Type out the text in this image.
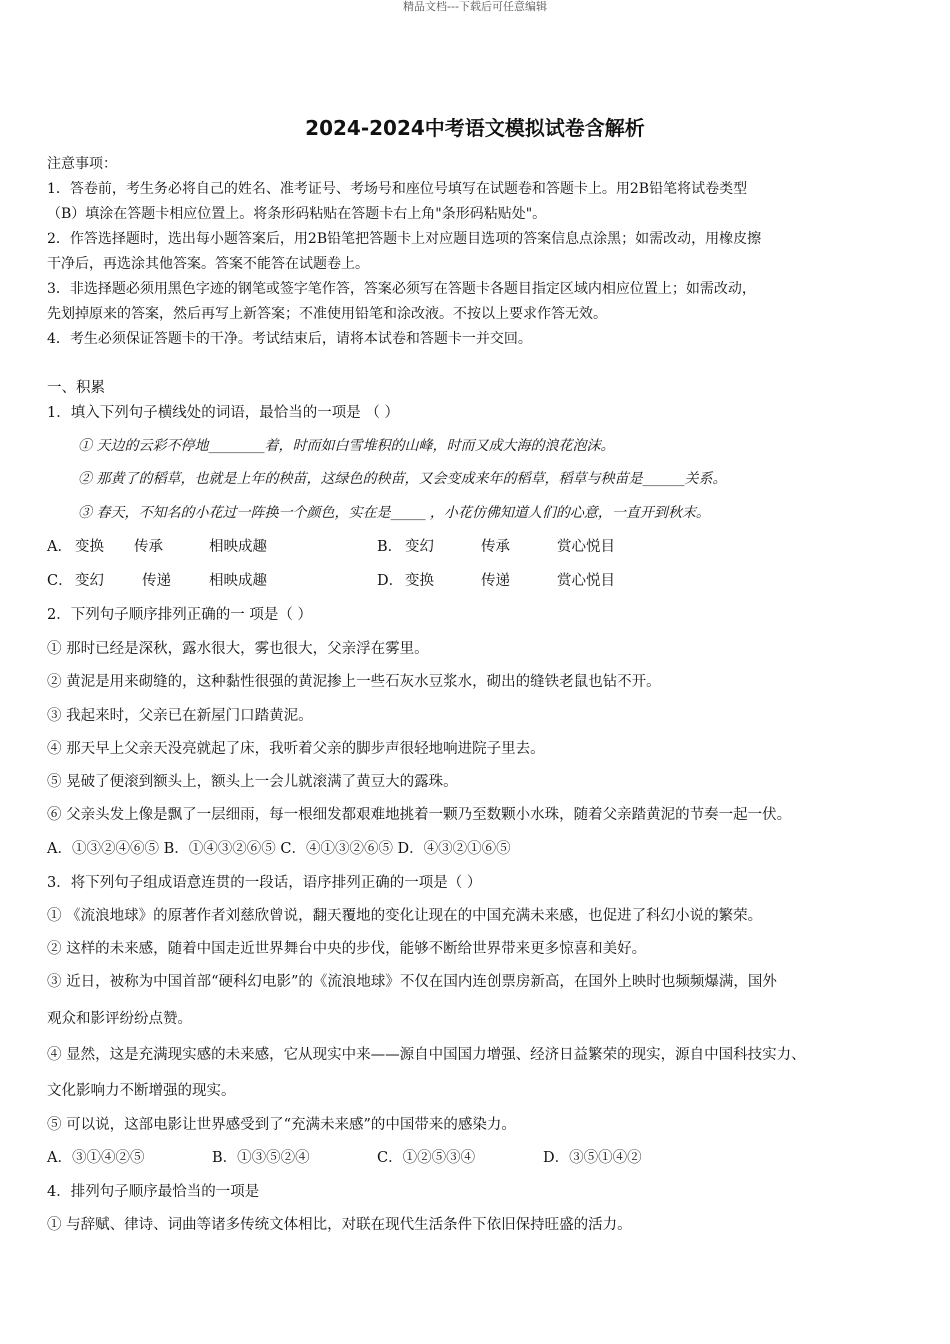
精品文档---下载后可任意编辑
2024-2024中考语文模拟试卷含解析
注意事项：
1．答卷前，考生务必将自己的姓名、准考证号、考场号和座位号填写在试题卷和答题卡上。用2B铅笔将试卷类型
（B）填涂在答题卡相应位置上。将条形码粘贴在答题卡右上角"条形码粘贴处"。
2．作答选择题时，选出每小题答案后，用2B铅笔把答题卡上对应题目选项的答案信息点涂黑；如需改动，用橡皮擦
干净后，再选涂其他答案。答案不能答在试题卷上。
3．非选择题必须用黑色字迹的钢笔或签字笔作答，答案必须写在答题卡各题目指定区域内相应位置上；如需改动，
先划掉原来的答案，然后再写上新答案；不准使用铅笔和涂改液。不按以上要求作答无效。
4．考生必须保证答题卡的干净。考试结束后，请将本试卷和答题卡一并交回。
一、积累
1．填入下列句子横线处的词语，最恰当的一项是 （ ）
① 天边的云彩不停地________着，时而如白雪堆积的山峰，时而又成大海的浪花泡沫。
② 那黄了的稻草，也就是上年的秧苗，这绿色的秧苗，又会变成来年的稻草，稻草与秧苗是______关系。
③ 春天，不知名的小花过一阵换一个颜色，实在是_____ ，小花仿佛知道人们的心意，一直开到秋末。
A． 变换 传承	相映成趣	B． 变幻	传承	赏心悦目
C． 变幻	传递	相映成趣	D． 变换	传递	赏心悦目
2．下列句子顺序排列正确的一 项是（ ）
① 那时已经是深秋，露水很大，雾也很大，父亲浮在雾里。
② 黄泥是用来砌缝的，这种黏性很强的黄泥掺上一些石灰水豆浆水，砌出的缝铁老鼠也钻不开。
③ 我起来时，父亲已在新屋门口踏黄泥。
④ 那天早上父亲天没亮就起了床，我听着父亲的脚步声很轻地响进院子里去。
⑤ 晃破了便滚到额头上，额头上一会儿就滚满了黄豆大的露珠。
⑥ 父亲头发上像是飘了一层细雨，每一根细发都艰难地挑着一颗乃至数颗小水珠，随着父亲踏黄泥的节奏一起一伏。
A．①③②④⑥⑤ B．①④③②⑥⑤ C．④①③②⑥⑤ D．④③②①⑥⑤
3．将下列句子组成语意连贯的一段话，语序排列正确的一项是（ ）
① 《流浪地球》的原著作者刘慈欣曾说，翻天覆地的变化让现在的中国充满未来感，也促进了科幻小说的繁荣。
② 这样的未来感，随着中国走近世界舞台中央的步伐，能够不断给世界带来更多惊喜和美好。
③ 近日，被称为中国首部“硬科幻电影”的《流浪地球》不仅在国内连创票房新高，在国外上映时也频频爆满，国外
观众和影评纷纷点赞。
④ 显然，这是充满现实感的未来感，它从现实中来——源自中国国力增强、经济日益繁荣的现实，源自中国科技实力、
文化影响力不断增强的现实。
⑤ 可以说，这部电影让世界感受到了“充满未来感”的中国带来的感染力。
A．③①④②⑤	B．①③⑤②④	C．①②⑤③④	D．③⑤①④②
4．排列句子顺序最恰当的一项是
① 与辞赋、律诗、词曲等诸多传统文体相比，对联在现代生活条件下依旧保持旺盛的活力。
